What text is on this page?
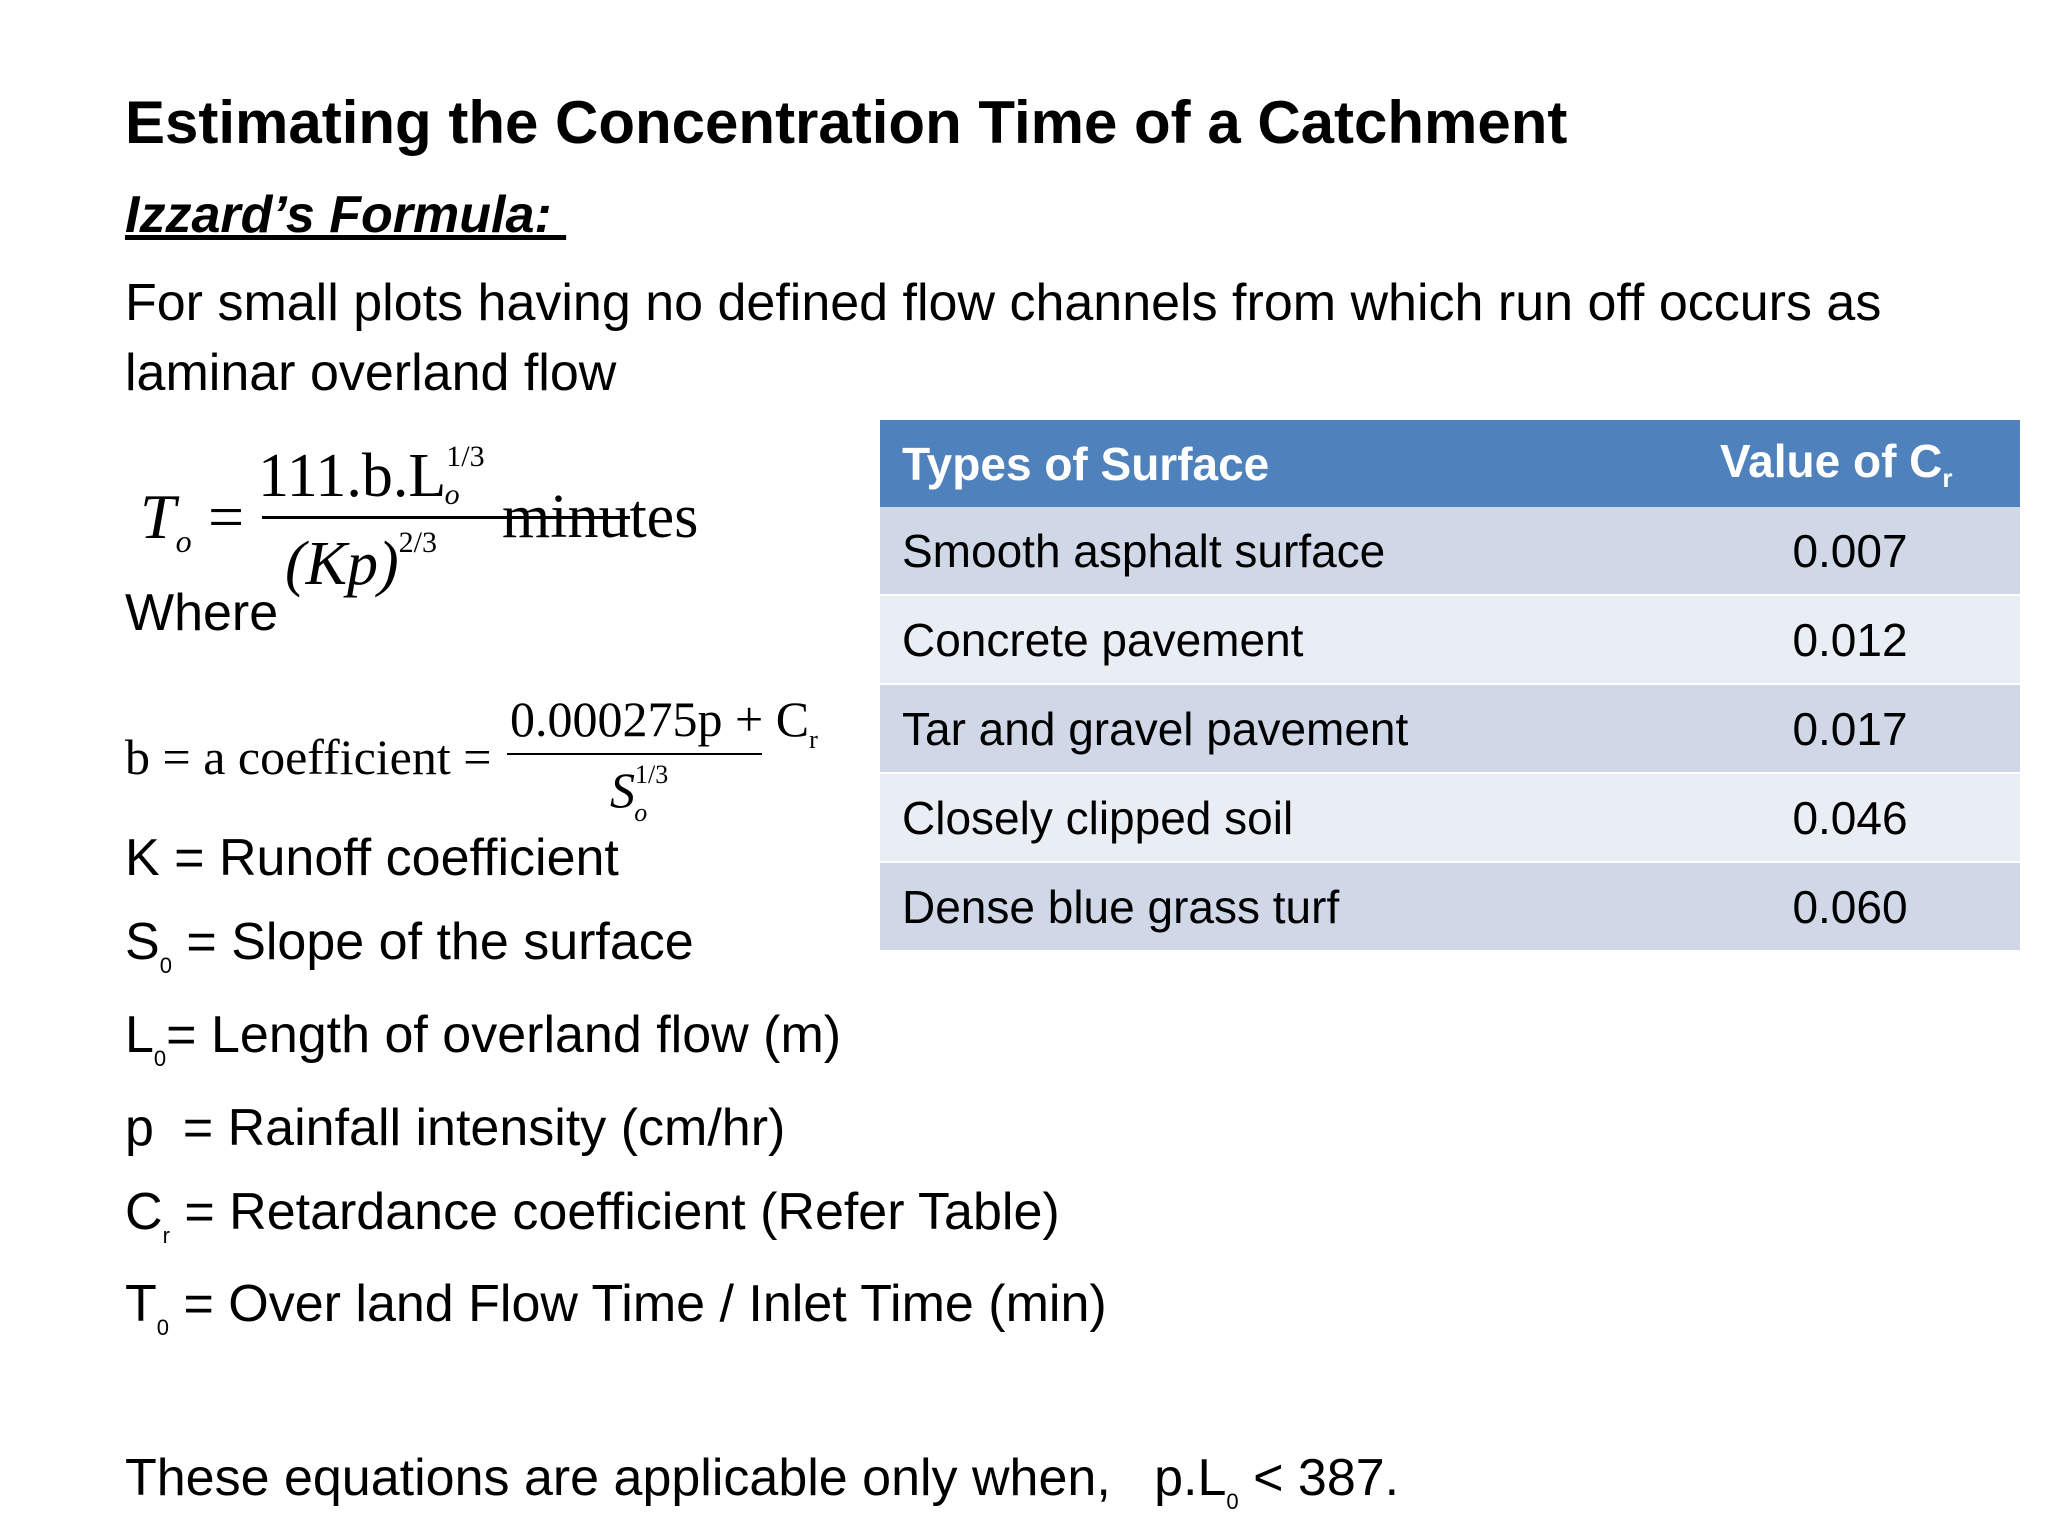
Estimating the Concentration Time of a Catchment
Izzard’s Formula:
For small plots having no defined flow channels from which run off occurs as laminar overland flow
$T_o$ =
$111.b.L^{1/3}o$
$(Kp)^{2/3}$ minutes
Where
b = a coefficient =
$0.000275p + C_r$
$S^{1/3}_o$
K = Runoff coefficient
$S_0$ = Slope of the surface
$L_0=$ Length of overland flow (m)
p  = Rainfall intensity (cm/hr)
$C_r$ = Retardance coefficient (Refer Table)
$T_0$ = Over land Flow Time / Inlet Time (min)
These equations are applicable only when,   $p.L_0 < 387$.
Types of Surface	Value of $C_r$
Smooth asphalt surface	0.007
Concrete pavement	0.012
Tar and gravel pavement	0.017
Closely clipped soil	0.046
Dense blue grass turf	0.060
